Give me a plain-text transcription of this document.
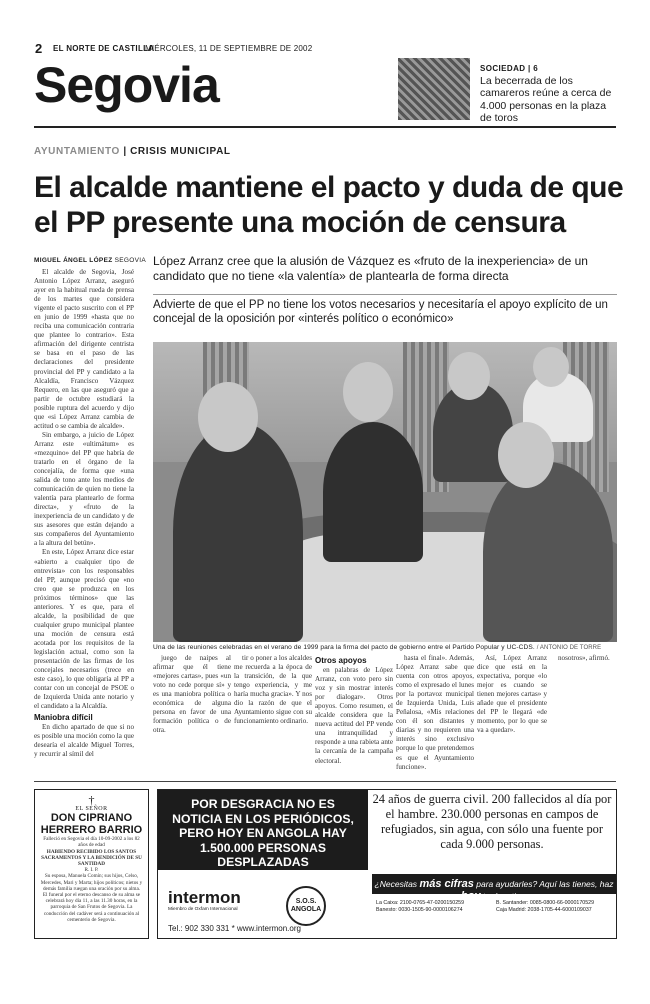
2 EL NORTE DE CASTILLA
MIÉRCOLES, 11 DE SEPTIEMBRE DE 2002
Segovia	SOCIEDAD | 6
La becerrada de los camareros reúne a cerca de 4.000 personas en la plaza de toros
AYUNTAMIENTO | CRISIS MUNICIPAL
El alcalde mantiene el pacto y duda de que el PP presente una moción de censura
MIGUEL ÁNGEL LÓPEZ SEGOVIA López Arranz cree que la alusión de Vázquez es «fruto de la inexperiencia» de un candidato que no tiene «la valentía» de plantearla de forma directa
Advierte de que el PP no tiene los votos necesarios y necesitaría el apoyo explícito de un concejal de la oposición por «interés político o económico»

El alcalde de Segovia, José Antonio López Arranz, aseguró ayer en la habitual rueda de prensa de los martes que considera vigente el pacto suscrito con el PP en junio de 1999 «hasta que no reciba una comunicación contraria que plantee lo contrario». Esta afirmación del dirigente centrista se basa en el paso de las declaraciones del presidente provincial del PP y candidato a la Alcaldía, Francisco Vázquez Requero, en las que aseguró que a partir de octubre estudiará la posible ruptura del acuerdo y dijo que «si López Arranz cambia de actitud o se cambia de alcalde».

Sin embargo, a juicio de López Arranz este «ultimátum» es «mezquino» del PP que habría de tratarlo en el órgano de la concejalía, de forma que «una salida de tono ante los medios de comunicación de quien no tiene la valentía para plantearlo de forma directa», y «fruto de la inexperiencia de un candidato y de sus asesores que están dejando a sus compañeros del Ayuntamiento a la altura del betún».

En este, López Arranz dice estar «abierto a cualquier tipo de entrevista» con los responsables del PP, aunque precisó que «no creo que se produzca en los próximos términos» que las anteriores. Y es que, para el alcalde, la posibilidad de que cualquier grupo municipal plantee una moción de censura está acotada por los requisitos de la legislación actual, como son la presentación de las firmas de los concejales necesarios (trece en este caso), lo que obligaría al PP a contar con un concejal de PSOE o de Izquierda Unida ante notario y el candidato a la Alcaldía.

Maniobra difícil

En dicho apartado de que si no es posible una moción como la que desearía el alcalde Miguel Torres, y recurrir al símil del

Una de las reuniones celebradas en el verano de 1999 para la firma del pacto de gobierno entre el Partido Popular y UC-CDS. / ANTONIO DE TORRE

juego de naipes al afirmar que él tiene «mejores cartas», pues «un voto no cede porque sí» y es una maniobra política o económica de alguna persona en favor de una formación política o de otra.

tir o poner a los alcaldes me recuerda a la época de la transición, de la que tengo experiencia, y me haría mucha gracia». Y nos dio la razón de que el Ayuntamiento sigue con su funcionamiento ordinario.

Otros apoyos

en palabras de López Arranz, con voto pero sin voz y sin mostrar interés por dialogar». Otros apoyos. Como resumen, el alcalde considera que la nueva actitud del PP vende una intranquilidad y responde a una rabieta ante la cercanía de la campaña electoral.

hasta el final». Además, López Arranz sabe que cuenta con otros apoyos, como el expresado el lunes por la portavoz municipal de Izquierda Unida, Luis Peñalosa, «Mis relaciones con él son distantes y diarias y no requieren una interés sino exclusivo porque lo que pretendemos es que el Ayuntamiento funcione».

Así, López Arranz dice que está en la expectativa, porque «lo mejor es cuando se tienen mejores cartas» y añade que el presidente del PP le llegará «de momento, por lo que se va a quedar».

nosotros», afirmó.

†
EL SEÑOR
DON CIPRIANO HERRERO BARRIO
Falleció en Segovia el día 10-09-2002 a los 82 años de edad
HABIENDO RECIBIDO LOS SANTOS SACRAMENTOS Y LA BENDICIÓN DE SU SANTIDAD
R. I. P.
Su esposa, Manuela Comín; sus hijos, Celso, Mercedes, Mari y Marta; hijos políticos; nietos y demás familia ruegan una oración por su alma.
El funeral por el eterno descanso de su alma se celebrará hoy día 11, a las 11.30 horas, en la parroquia de San Frutos de Segovia. La conducción del cadáver será a continuación al cementerio de Segovia.
POR DESGRACIA NO ES NOTICIA EN LOS PERIÓDICOS, PERO HOY EN ANGOLA HAY 1.500.000 PERSONAS DESPLAZADAS
24 años de guerra civil. 200 fallecidos al día por el hambre. 230.000 personas en campos de refugiados, sin agua, con sólo una fuente por cada 9.000 personas.
¿Necesitas más cifras para ayudarles? Aquí las tienes, haz hoy tu donativo:
intermon
Miembro de Oxfam Internacional
S.O.S. ANGOLA
Tel.: 902 330 331 * www.intermon.org
La Caixa: 2100-0765-47-0200150259	B. Santander: 0085-0800-66-0000170529
Banesto: 0030-1505-90-0000106274	Caja Madrid: 2038-1705-44-6000109037
